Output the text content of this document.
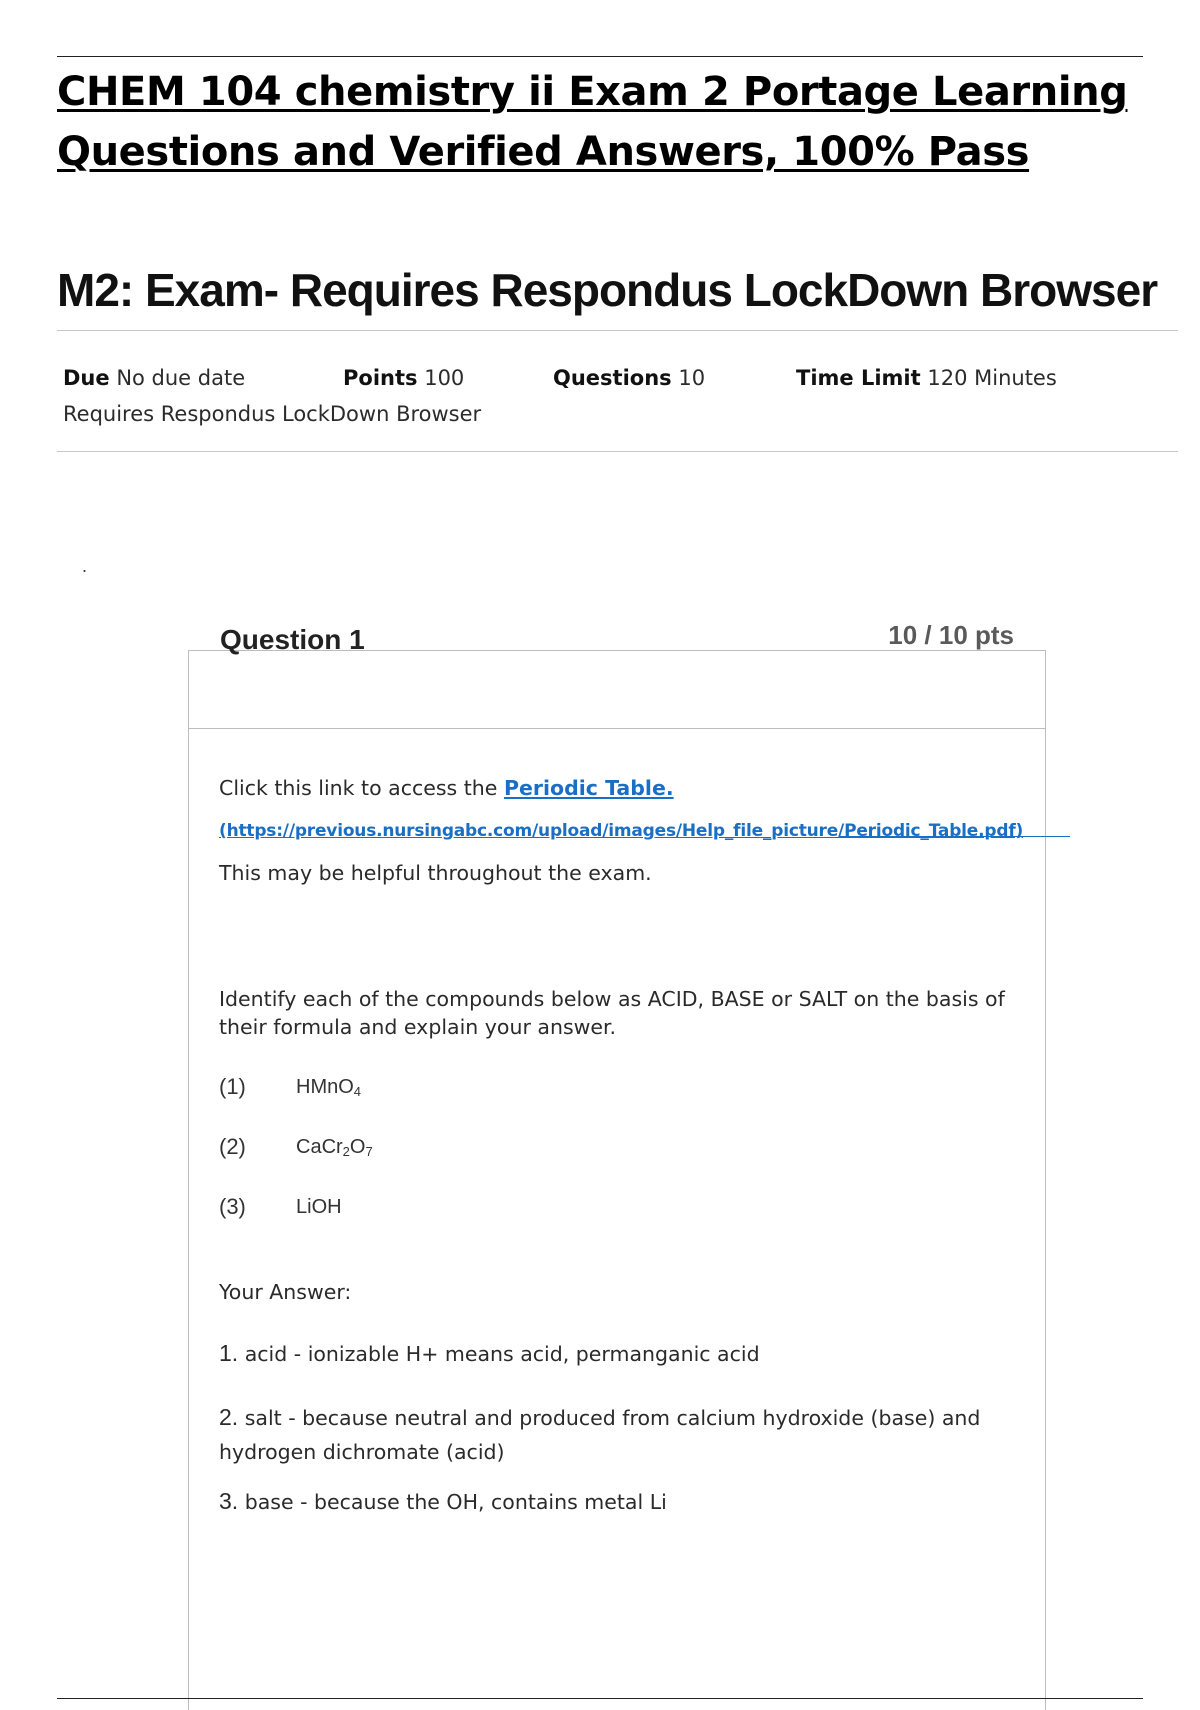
CHEM 104 chemistry ii Exam 2 Portage Learning Questions and Verified Answers, 100% Pass
M2: Exam- Requires Respondus LockDown Browser
Due No due date	Points 100	Questions 10	Time Limit 120 Minutes
Requires Respondus LockDown Browser
.
Question 1	10 / 10 pts
Click this link to access the Periodic Table.
(https://previous.nursingabc.com/upload/images/Help_file_picture/Periodic_Table.pdf)
This may be helpful throughout the exam.
Identify each of the compounds below as ACID, BASE or SALT on the basis of their formula and explain your answer.
(1)	HMnO$_4$
(2)	$CaCr_2O_7$
(3)	LiOH
Your Answer:
1. acid - ionizable H+ means acid, permanganic acid
2. salt - because neutral and produced from calcium hydroxide (base) and hydrogen dichromate (acid)
3. base - because the OH, contains metal Li
